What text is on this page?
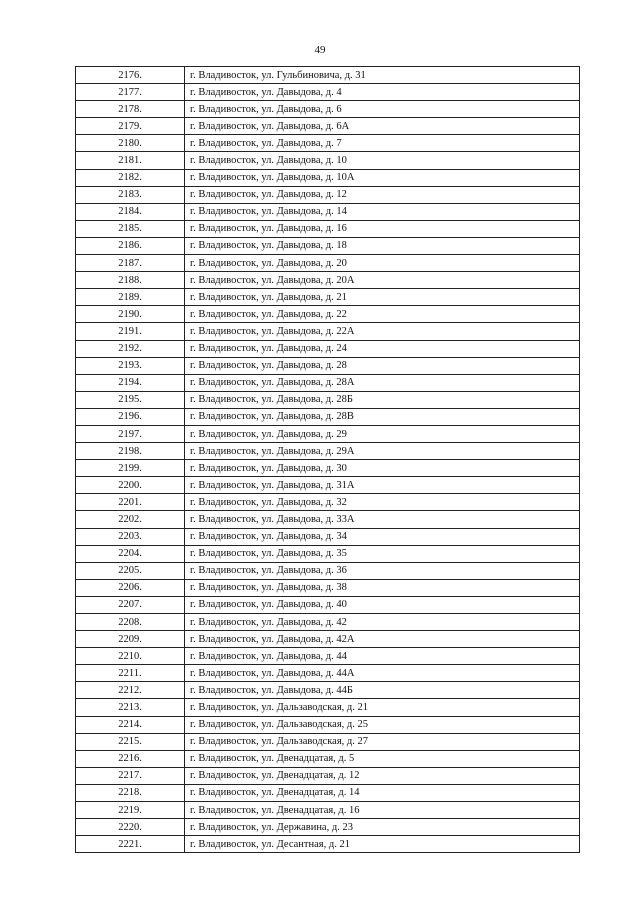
49
2176.	г. Владивосток, ул. Гульбиновича, д. 31
2177.	г. Владивосток, ул. Давыдова, д. 4
2178.	г. Владивосток, ул. Давыдова, д. 6
2179.	г. Владивосток, ул. Давыдова, д. 6А
2180.	г. Владивосток, ул. Давыдова, д. 7
2181.	г. Владивосток, ул. Давыдова, д. 10
2182.	г. Владивосток, ул. Давыдова, д. 10А
2183.	г. Владивосток, ул. Давыдова, д. 12
2184.	г. Владивосток, ул. Давыдова, д. 14
2185.	г. Владивосток, ул. Давыдова, д. 16
2186.	г. Владивосток, ул. Давыдова, д. 18
2187.	г. Владивосток, ул. Давыдова, д. 20
2188.	г. Владивосток, ул. Давыдова, д. 20А
2189.	г. Владивосток, ул. Давыдова, д. 21
2190.	г. Владивосток, ул. Давыдова, д. 22
2191.	г. Владивосток, ул. Давыдова, д. 22А
2192.	г. Владивосток, ул. Давыдова, д. 24
2193.	г. Владивосток, ул. Давыдова, д. 28
2194.	г. Владивосток, ул. Давыдова, д. 28А
2195.	г. Владивосток, ул. Давыдова, д. 28Б
2196.	г. Владивосток, ул. Давыдова, д. 28В
2197.	г. Владивосток, ул. Давыдова, д. 29
2198.	г. Владивосток, ул. Давыдова, д. 29А
2199.	г. Владивосток, ул. Давыдова, д. 30
2200.	г. Владивосток, ул. Давыдова, д. 31А
2201.	г. Владивосток, ул. Давыдова, д. 32
2202.	г. Владивосток, ул. Давыдова, д. 33А
2203.	г. Владивосток, ул. Давыдова, д. 34
2204.	г. Владивосток, ул. Давыдова, д. 35
2205.	г. Владивосток, ул. Давыдова, д. 36
2206.	г. Владивосток, ул. Давыдова, д. 38
2207.	г. Владивосток, ул. Давыдова, д. 40
2208.	г. Владивосток, ул. Давыдова, д. 42
2209.	г. Владивосток, ул. Давыдова, д. 42А
2210.	г. Владивосток, ул. Давыдова, д. 44
2211.	г. Владивосток, ул. Давыдова, д. 44А
2212.	г. Владивосток, ул. Давыдова, д. 44Б
2213.	г. Владивосток, ул. Дальзаводская, д. 21
2214.	г. Владивосток, ул. Дальзаводская, д. 25
2215.	г. Владивосток, ул. Дальзаводская, д. 27
2216.	г. Владивосток, ул. Двенадцатая, д. 5
2217.	г. Владивосток, ул. Двенадцатая, д. 12
2218.	г. Владивосток, ул. Двенадцатая, д. 14
2219.	г. Владивосток, ул. Двенадцатая, д. 16
2220.	г. Владивосток, ул. Державина, д. 23
2221.	г. Владивосток, ул. Десантная, д. 21
